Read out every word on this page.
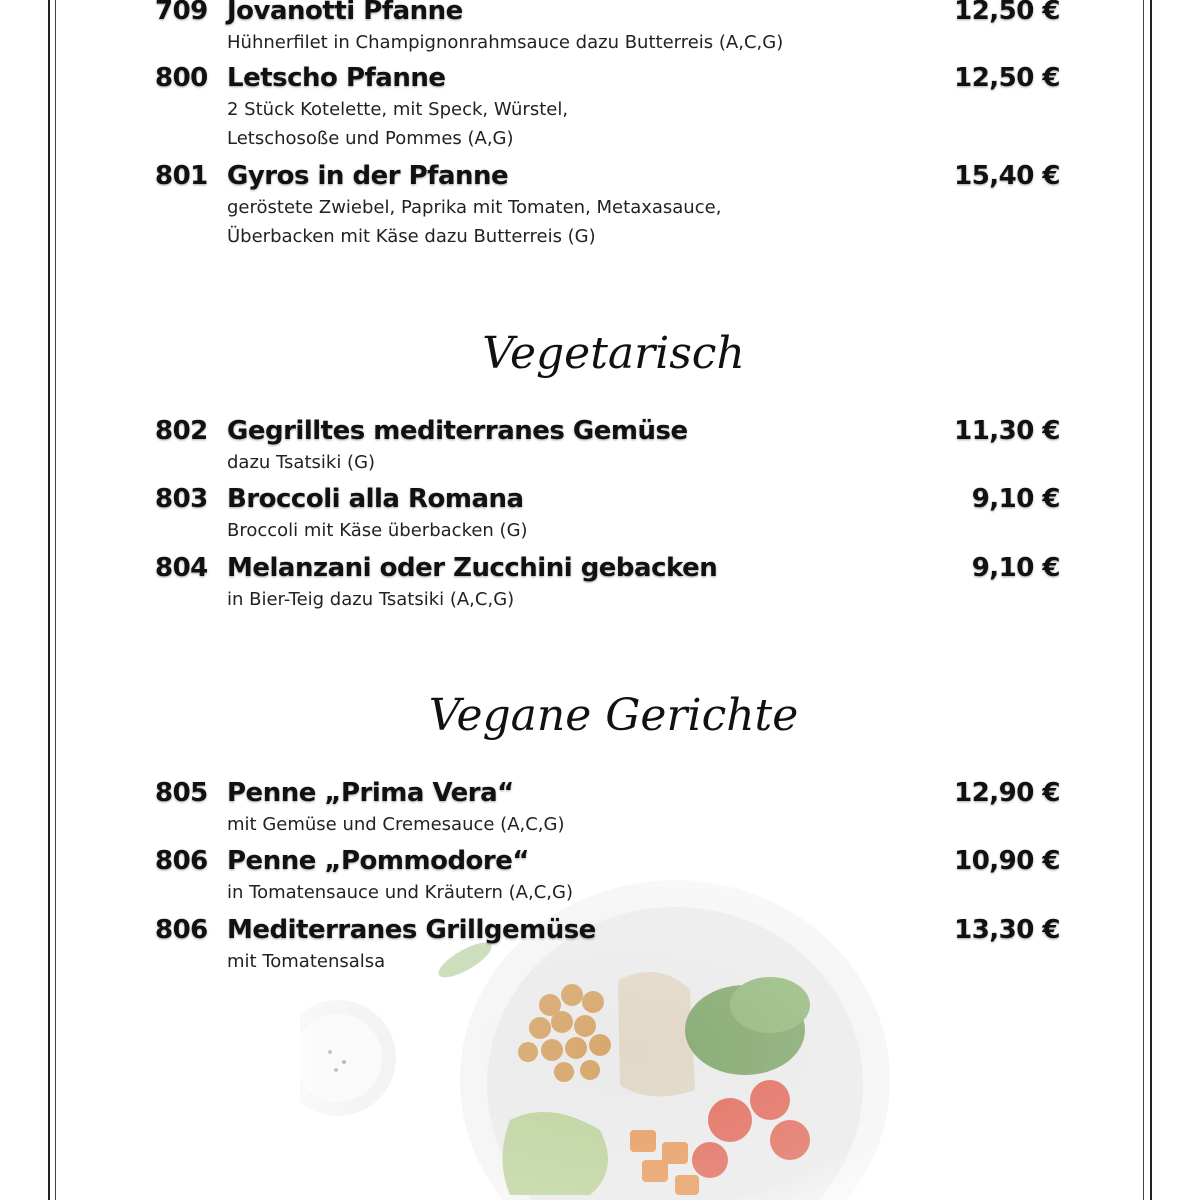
709 Jovanotti Pfanne	12,50 €
Hühnerfilet in Champignonrahmsauce dazu Butterreis (A,C,G)
800 Letscho Pfanne	12,50 €
2 Stück Kotelette, mit Speck, Würstel,
Letschosoße und Pommes (A,G)
801 Gyros in der Pfanne	15,40 €
geröstete Zwiebel, Paprika mit Tomaten, Metaxasauce,
Überbacken mit Käse dazu Butterreis (G)
Vegetarisch
802 Gegrilltes mediterranes Gemüse	11,30 €
dazu Tsatsiki (G)
803 Broccoli alla Romana	9,10 €
Broccoli mit Käse überbacken (G)
804 Melanzani oder Zucchini gebacken	9,10 €
in Bier-Teig dazu Tsatsiki (A,C,G)
Vegane Gerichte
805 Penne „Prima Vera“	12,90 €
mit Gemüse und Cremesauce (A,C,G)
806 Penne „Pommodore“	10,90 €
in Tomatensauce und Kräutern (A,C,G)
806 Mediterranes Grillgemüse	13,30 €
mit Tomatensalsa
